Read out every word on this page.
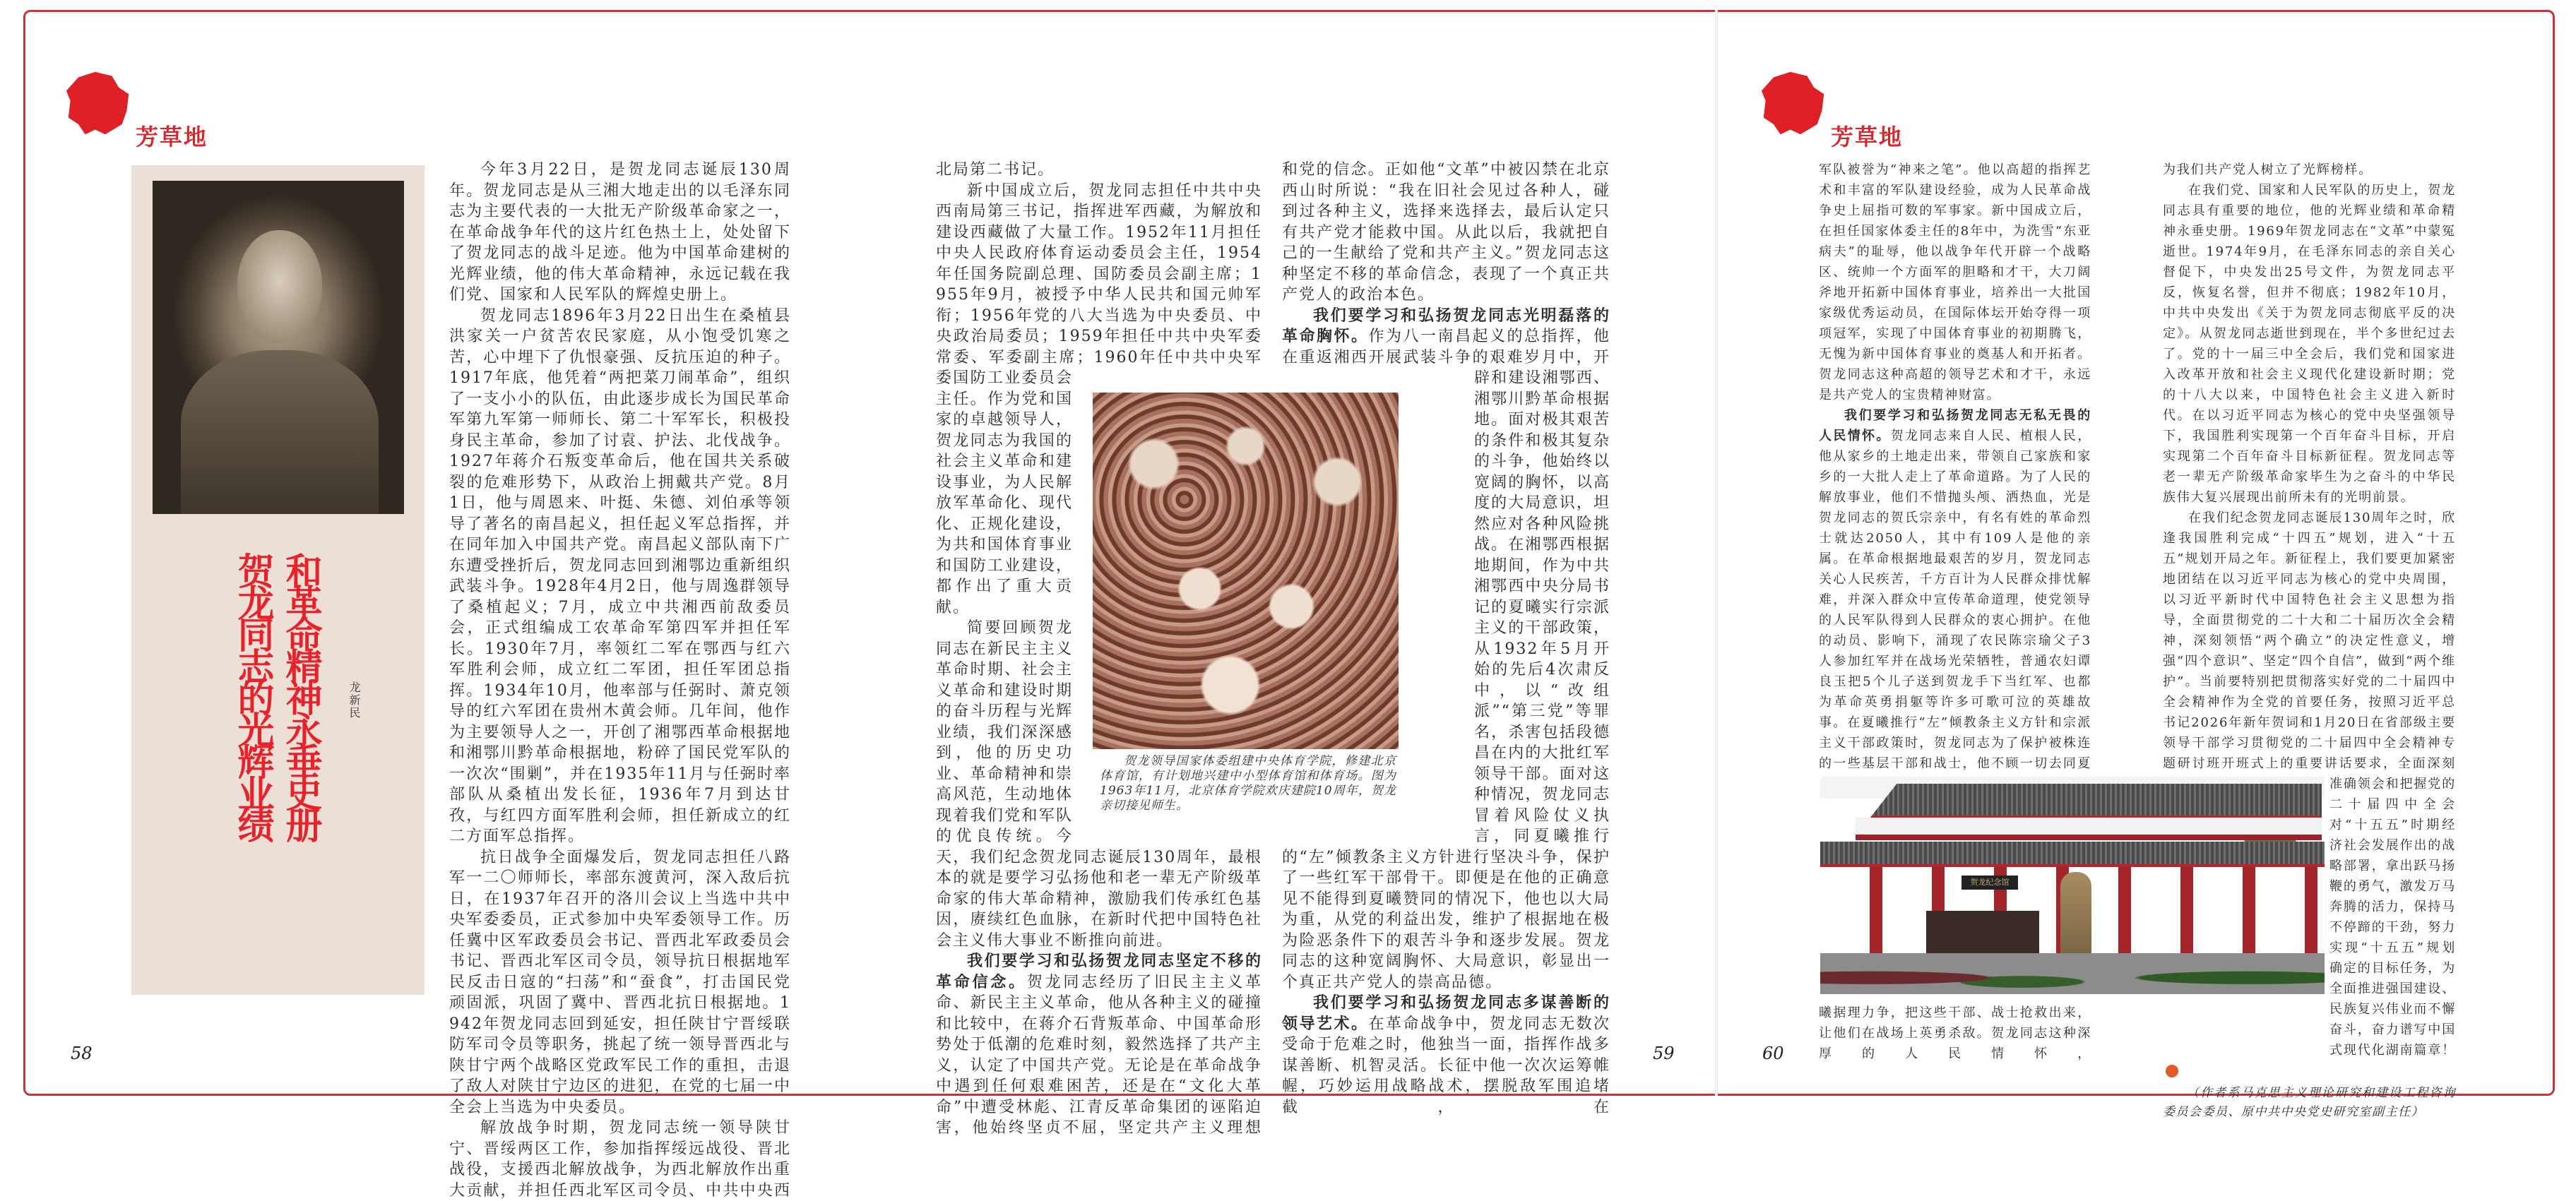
芳草地	芳草地
贺龙同志的光辉业绩 和革命精神永垂史册 龙新民
贺龙领导国家体委组建中央体育学院，修建北京体育馆，有计划地兴建中小型体育馆和体育场。图为1963年11月，北京体育学院欢庆建院10周年，贺龙亲切接见师生。
贺龙纪念馆

今年3月22日，是贺龙同志诞辰130周年。贺龙同志是从三湘大地走出的以毛泽东同志为主要代表的一大批无产阶级革命家之一，在革命战争年代的这片红色热土上，处处留下了贺龙同志的战斗足迹。他为中国革命建树的光辉业绩，他的伟大革命精神，永远记载在我们党、国家和人民军队的辉煌史册上。

贺龙同志1896年3月22日出生在桑植县洪家关一户贫苦农民家庭，从小饱受饥寒之苦，心中埋下了仇恨豪强、反抗压迫的种子。1917年底，他凭着“两把菜刀闹革命”，组织了一支小小的队伍，由此逐步成长为国民革命军第九军第一师师长、第二十军军长，积极投身民主革命，参加了讨袁、护法、北伐战争。1927年蒋介石叛变革命后，他在国共关系破裂的危难形势下，从政治上拥戴共产党。8月1日，他与周恩来、叶挺、朱德、刘伯承等领导了著名的南昌起义，担任起义军总指挥，并在同年加入中国共产党。南昌起义部队南下广东遭受挫折后，贺龙同志回到湘鄂边重新组织武装斗争。1928年4月2日，他与周逸群领导了桑植起义；7月，成立中共湘西前敌委员会，正式组编成工农革命军第四军并担任军长。1930年7月，率领红二军在鄂西与红六军胜利会师，成立红二军团，担任军团总指挥。1934年10月，他率部与任弼时、萧克领导的红六军团在贵州木黄会师。几年间，他作为主要领导人之一，开创了湘鄂西革命根据地和湘鄂川黔革命根据地，粉碎了国民党军队的一次次“围剿”，并在1935年11月与任弼时率部队从桑植出发长征，1936年7月到达甘孜，与红四方面军胜利会师，担任新成立的红二方面军总指挥。

抗日战争全面爆发后，贺龙同志担任八路军一二〇师师长，率部东渡黄河，深入敌后抗日，在1937年召开的洛川会议上当选中共中央军委委员，正式参加中央军委领导工作。历任冀中区军政委员会书记、晋西北军政委员会书记、晋西北军区司令员，领导抗日根据地军民反击日寇的“扫荡”和“蚕食”，打击国民党顽固派，巩固了冀中、晋西北抗日根据地。1942年贺龙同志回到延安，担任陕甘宁晋绥联防军司令员等职务，挑起了统一领导晋西北与陕甘宁两个战略区党政军民工作的重担，击退了敌人对陕甘宁边区的进犯，在党的七届一中全会上当选为中央委员。

解放战争时期，贺龙同志统一领导陕甘宁、晋绥两区工作，参加指挥绥远战役、晋北战役，支援西北解放战争，为西北解放作出重大贡献，并担任西北军区司令员、中共中央西

北局第二书记。

新中国成立后，贺龙同志担任中共中央西南局第三书记，指挥进军西藏，为解放和建设西藏做了大量工作。1952年11月担任中央人民政府体育运动委员会主任，1954年任国务院副总理、国防委员会副主席；1955年9月，被授予中华人民共和国元帅军衔；1956年党的八大当选为中央委员、中央政治局委员；1959年担任中共中央军委常委、军委副主席；1960年任中共中央军委国防工业委员会主任。作为党和国家的卓越领导人，贺龙同志为我国的社会主义革命和建设事业，为人民解放军革命化、现代化、正规化建设，为共和国体育事业和国防工业建设，都作出了重大贡献。

简要回顾贺龙同志在新民主主义革命时期、社会主义革命和建设时期的奋斗历程与光辉业绩，我们深深感到，他的历史功业、革命精神和崇高风范，生动地体现着我们党和军队的优良传统。今天，我们纪念贺龙同志诞辰130周年，最根本的就是要学习弘扬他和老一辈无产阶级革命家的伟大革命精神，激励我们传承红色基因，赓续红色血脉，在新时代把中国特色社会主义伟大事业不断推向前进。

我们要学习和弘扬贺龙同志坚定不移的革命信念。贺龙同志经历了旧民主主义革命、新民主主义革命，他从各种主义的碰撞和比较中，在蒋介石背叛革命、中国革命形势处于低潮的危难时刻，毅然选择了共产主义，认定了中国共产党。无论是在革命战争中遇到任何艰难困苦，还是在“文化大革命”中遭受林彪、江青反革命集团的诬陷迫害，他始终坚贞不屈，坚定共产主义理想

和党的信念。正如他“文革”中被囚禁在北京西山时所说：“我在旧社会见过各种人，碰到过各种主义，选择来选择去，最后认定只有共产党才能救中国。从此以后，我就把自己的一生献给了党和共产主义。”贺龙同志这种坚定不移的革命信念，表现了一个真正共产党人的政治本色。

我们要学习和弘扬贺龙同志光明磊落的革命胸怀。作为八一南昌起义的总指挥，他在重返湘西开展武装斗争的艰难岁月中，开辟和建设湘鄂西、湘鄂川黔革命根据地。面对极其艰苦的条件和极其复杂的斗争，他始终以宽阔的胸怀，以高度的大局意识，坦然应对各种风险挑战。在湘鄂西根据地期间，作为中共湘鄂西中央分局书记的夏曦实行宗派主义的干部政策，从1932年5月开始的先后4次肃反中，以“改组派”“第三党”等罪名，杀害包括段德昌在内的大批红军领导干部。面对这种情况，贺龙同志冒着风险仗义执言，同夏曦推行的“左”倾教条主义方针进行坚决斗争，保护了一些红军干部骨干。即便是在他的正确意见不能得到夏曦赞同的情况下，他也以大局为重，从党的利益出发，维护了根据地在极为险恶条件下的艰苦斗争和逐步发展。贺龙同志的这种宽阔胸怀、大局意识，彰显出一个真正共产党人的崇高品德。

我们要学习和弘扬贺龙同志多谋善断的领导艺术。在革命战争中，贺龙同志无数次受命于危难之时，他独当一面，指挥作战多谋善断、机智灵活。长征中他一次次运筹帷幄，巧妙运用战略战术，摆脱敌军围追堵截，在

军队被誉为“神来之笔”。他以高超的指挥艺术和丰富的军队建设经验，成为人民革命战争史上屈指可数的军事家。新中国成立后，在担任国家体委主任的8年中，为洗雪“东亚病夫”的耻辱，他以战争年代开辟一个战略区、统帅一个方面军的胆略和才干，大刀阔斧地开拓新中国体育事业，培养出一大批国家级优秀运动员，在国际体坛开始夺得一项项冠军，实现了中国体育事业的初期腾飞，无愧为新中国体育事业的奠基人和开拓者。贺龙同志这种高超的领导艺术和才干，永远是共产党人的宝贵精神财富。

我们要学习和弘扬贺龙同志无私无畏的人民情怀。贺龙同志来自人民、植根人民，他从家乡的土地走出来，带领自己家族和家乡的一大批人走上了革命道路。为了人民的解放事业，他们不惜抛头颅、洒热血，光是贺龙同志的贺氏宗亲中，有名有姓的革命烈士就达2050人，其中有109人是他的亲属。在革命根据地最艰苦的岁月，贺龙同志关心人民疾苦，千方百计为人民群众排忧解难，并深入群众中宣传革命道理，使党领导的人民军队得到人民群众的衷心拥护。在他的动员、影响下，涌现了农民陈宗瑜父子3人参加红军并在战场光荣牺牲，普通农妇谭良玉把5个儿子送到贺龙手下当红军、也都为革命英勇捐躯等许多可歌可泣的英雄故事。在夏曦推行“左”倾教条主义方针和宗派主义干部政策时，贺龙同志为了保护被株连的一些基层干部和战士，他不顾一切去同夏曦据理力争，把这些干部、战士抢救出来，让他们在战场上英勇杀敌。贺龙同志这种深厚的人民情怀，

为我们共产党人树立了光辉榜样。

在我们党、国家和人民军队的历史上，贺龙同志具有重要的地位，他的光辉业绩和革命精神永垂史册。1969年贺龙同志在“文革”中蒙冤逝世。1974年9月，在毛泽东同志的亲自关心督促下，中央发出25号文件，为贺龙同志平反，恢复名誉，但并不彻底；1982年10月，中共中央发出《关于为贺龙同志彻底平反的决定》。从贺龙同志逝世到现在，半个多世纪过去了。党的十一届三中全会后，我们党和国家进入改革开放和社会主义现代化建设新时期；党的十八大以来，中国特色社会主义进入新时代。在以习近平同志为核心的党中央坚强领导下，我国胜利实现第一个百年奋斗目标，开启实现第二个百年奋斗目标新征程。贺龙同志等老一辈无产阶级革命家毕生为之奋斗的中华民族伟大复兴展现出前所未有的光明前景。

在我们纪念贺龙同志诞辰130周年之时，欣逢我国胜利完成“十四五”规划，进入“十五五”规划开局之年。新征程上，我们要更加紧密地团结在以习近平同志为核心的党中央周围，以习近平新时代中国特色社会主义思想为指导，全面贯彻党的二十大和二十届历次全会精神，深刻领悟“两个确立”的决定性意义，增强“四个意识”、坚定“四个自信”，做到“两个维护”。当前要特别把贯彻落实好党的二十届四中全会精神作为全党的首要任务，按照习近平总书记2026年新年贺词和1月20日在省部级主要领导干部学习贯彻党的二十届四中全会精神专题研讨班开班式上的重要讲话要求，全面深刻准确领会和把握党的二十届四中全会对“十五五”时期经济社会发展作出的战略部署，拿出跃马扬鞭的勇气，激发万马奔腾的活力，保持马不停蹄的干劲，努力实现“十五五”规划确定的目标任务，为全面推进强国建设、民族复兴伟业而不懈奋斗，奋力谱写中国式现代化湖南篇章！

（作者系马克思主义理论研究和建设工程咨询委员会委员、原中共中央党史研究室副主任）

58	59	60
